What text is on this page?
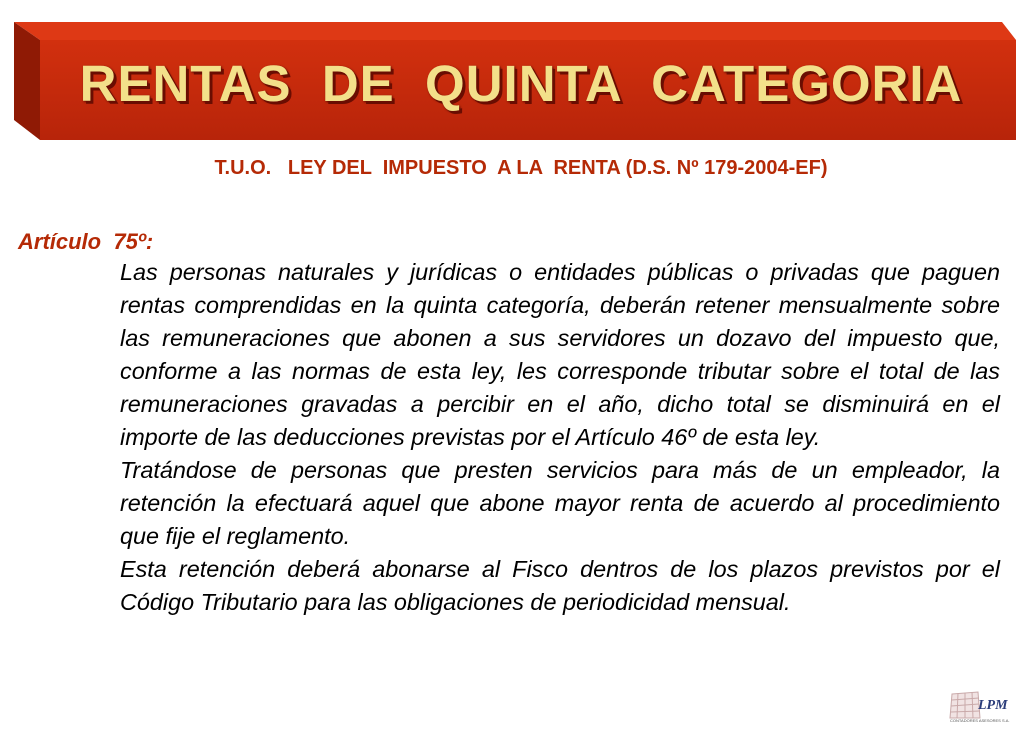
RENTAS  DE  QUINTA  CATEGORIA
T.U.O.   LEY DEL  IMPUESTO  A LA  RENTA (D.S. Nº 179-2004-EF)
Artículo  75º:

Las personas naturales y jurídicas o entidades públicas o privadas que paguen rentas comprendidas en la quinta categoría, deberán retener mensualmente sobre las remuneraciones que abonen a sus servidores un dozavo del impuesto que, conforme a las normas de esta ley, les corresponde tributar sobre el total de las remuneraciones gravadas a percibir en el año, dicho total se disminuirá en el importe de las deducciones previstas por el Artículo 46º de esta ley.

Tratándose de personas que presten servicios para más de un empleador, la retención la efectuará aquel que abone mayor renta de acuerdo al procedimiento que fije el reglamento.

Esta retención deberá abonarse al Fisco dentros de los plazos previstos por el Código Tributario para las obligaciones de periodicidad mensual.

LPM
CONTADORES ASESORES S.A.
